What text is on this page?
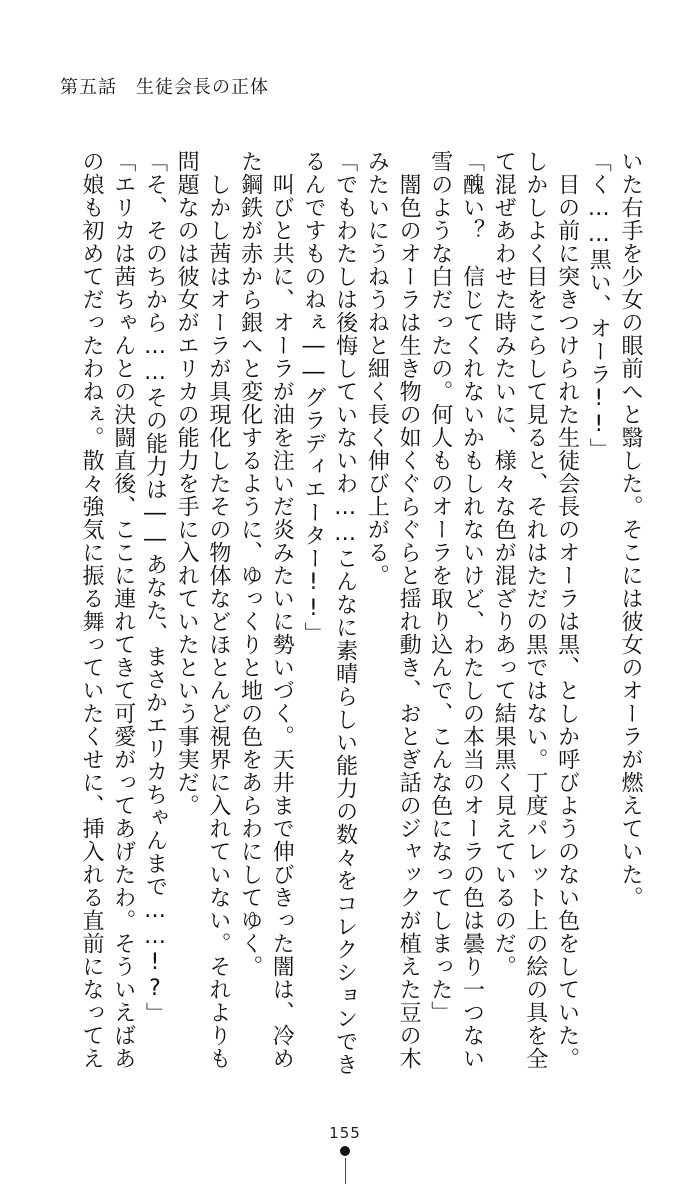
第五話　生徒会長の正体
いた右手を少女の眼前へと翳した。そこには彼女のオーラが燃えていた。
「く……黒い、オーラ!!」
　目の前に突きつけられた生徒会長のオーラは黒、としか呼びようのない色をしていた。
しかしよく目をこらして見ると、それはただの黒ではない。丁度パレット上の絵の具を全
て混ぜあわせた時みたいに、様々な色が混ざりあって結果黒く見えているのだ。
「醜い？　信じてくれないかもしれないけど、わたしの本当のオーラの色は曇り一つない
雪のような白だったの。何人ものオーラを取り込んで、こんな色になってしまった」
　闇色のオーラは生き物の如くぐらぐらと揺れ動き、おとぎ話のジャックが植えた豆の木
みたいにうねうねと細く長く伸び上がる。
「でもわたしは後悔していないわ……こんなに素晴らしい能力の数々をコレクションでき
るんですものねぇ――グラディエーター!!」
　叫びと共に、オーラが油を注いだ炎みたいに勢いづく。天井まで伸びきった闇は、冷め
た鋼鉄が赤から銀へと変化するように、ゆっくりと地の色をあらわにしてゆく。
　しかし茜はオーラが具現化したその物体などほとんど視界に入れていない。それよりも
問題なのは彼女がエリカの能力を手に入れていたという事実だ。
「そ、そのちから……その能力は――あなた、まさかエリカちゃんまで……!?」
「エリカは茜ちゃんとの決闘直後、ここに連れてきて可愛がってあげたわ。そういえばあ
の娘も初めてだったわねぇ。散々強気に振る舞っていたくせに、挿入れる直前になってえ
155
